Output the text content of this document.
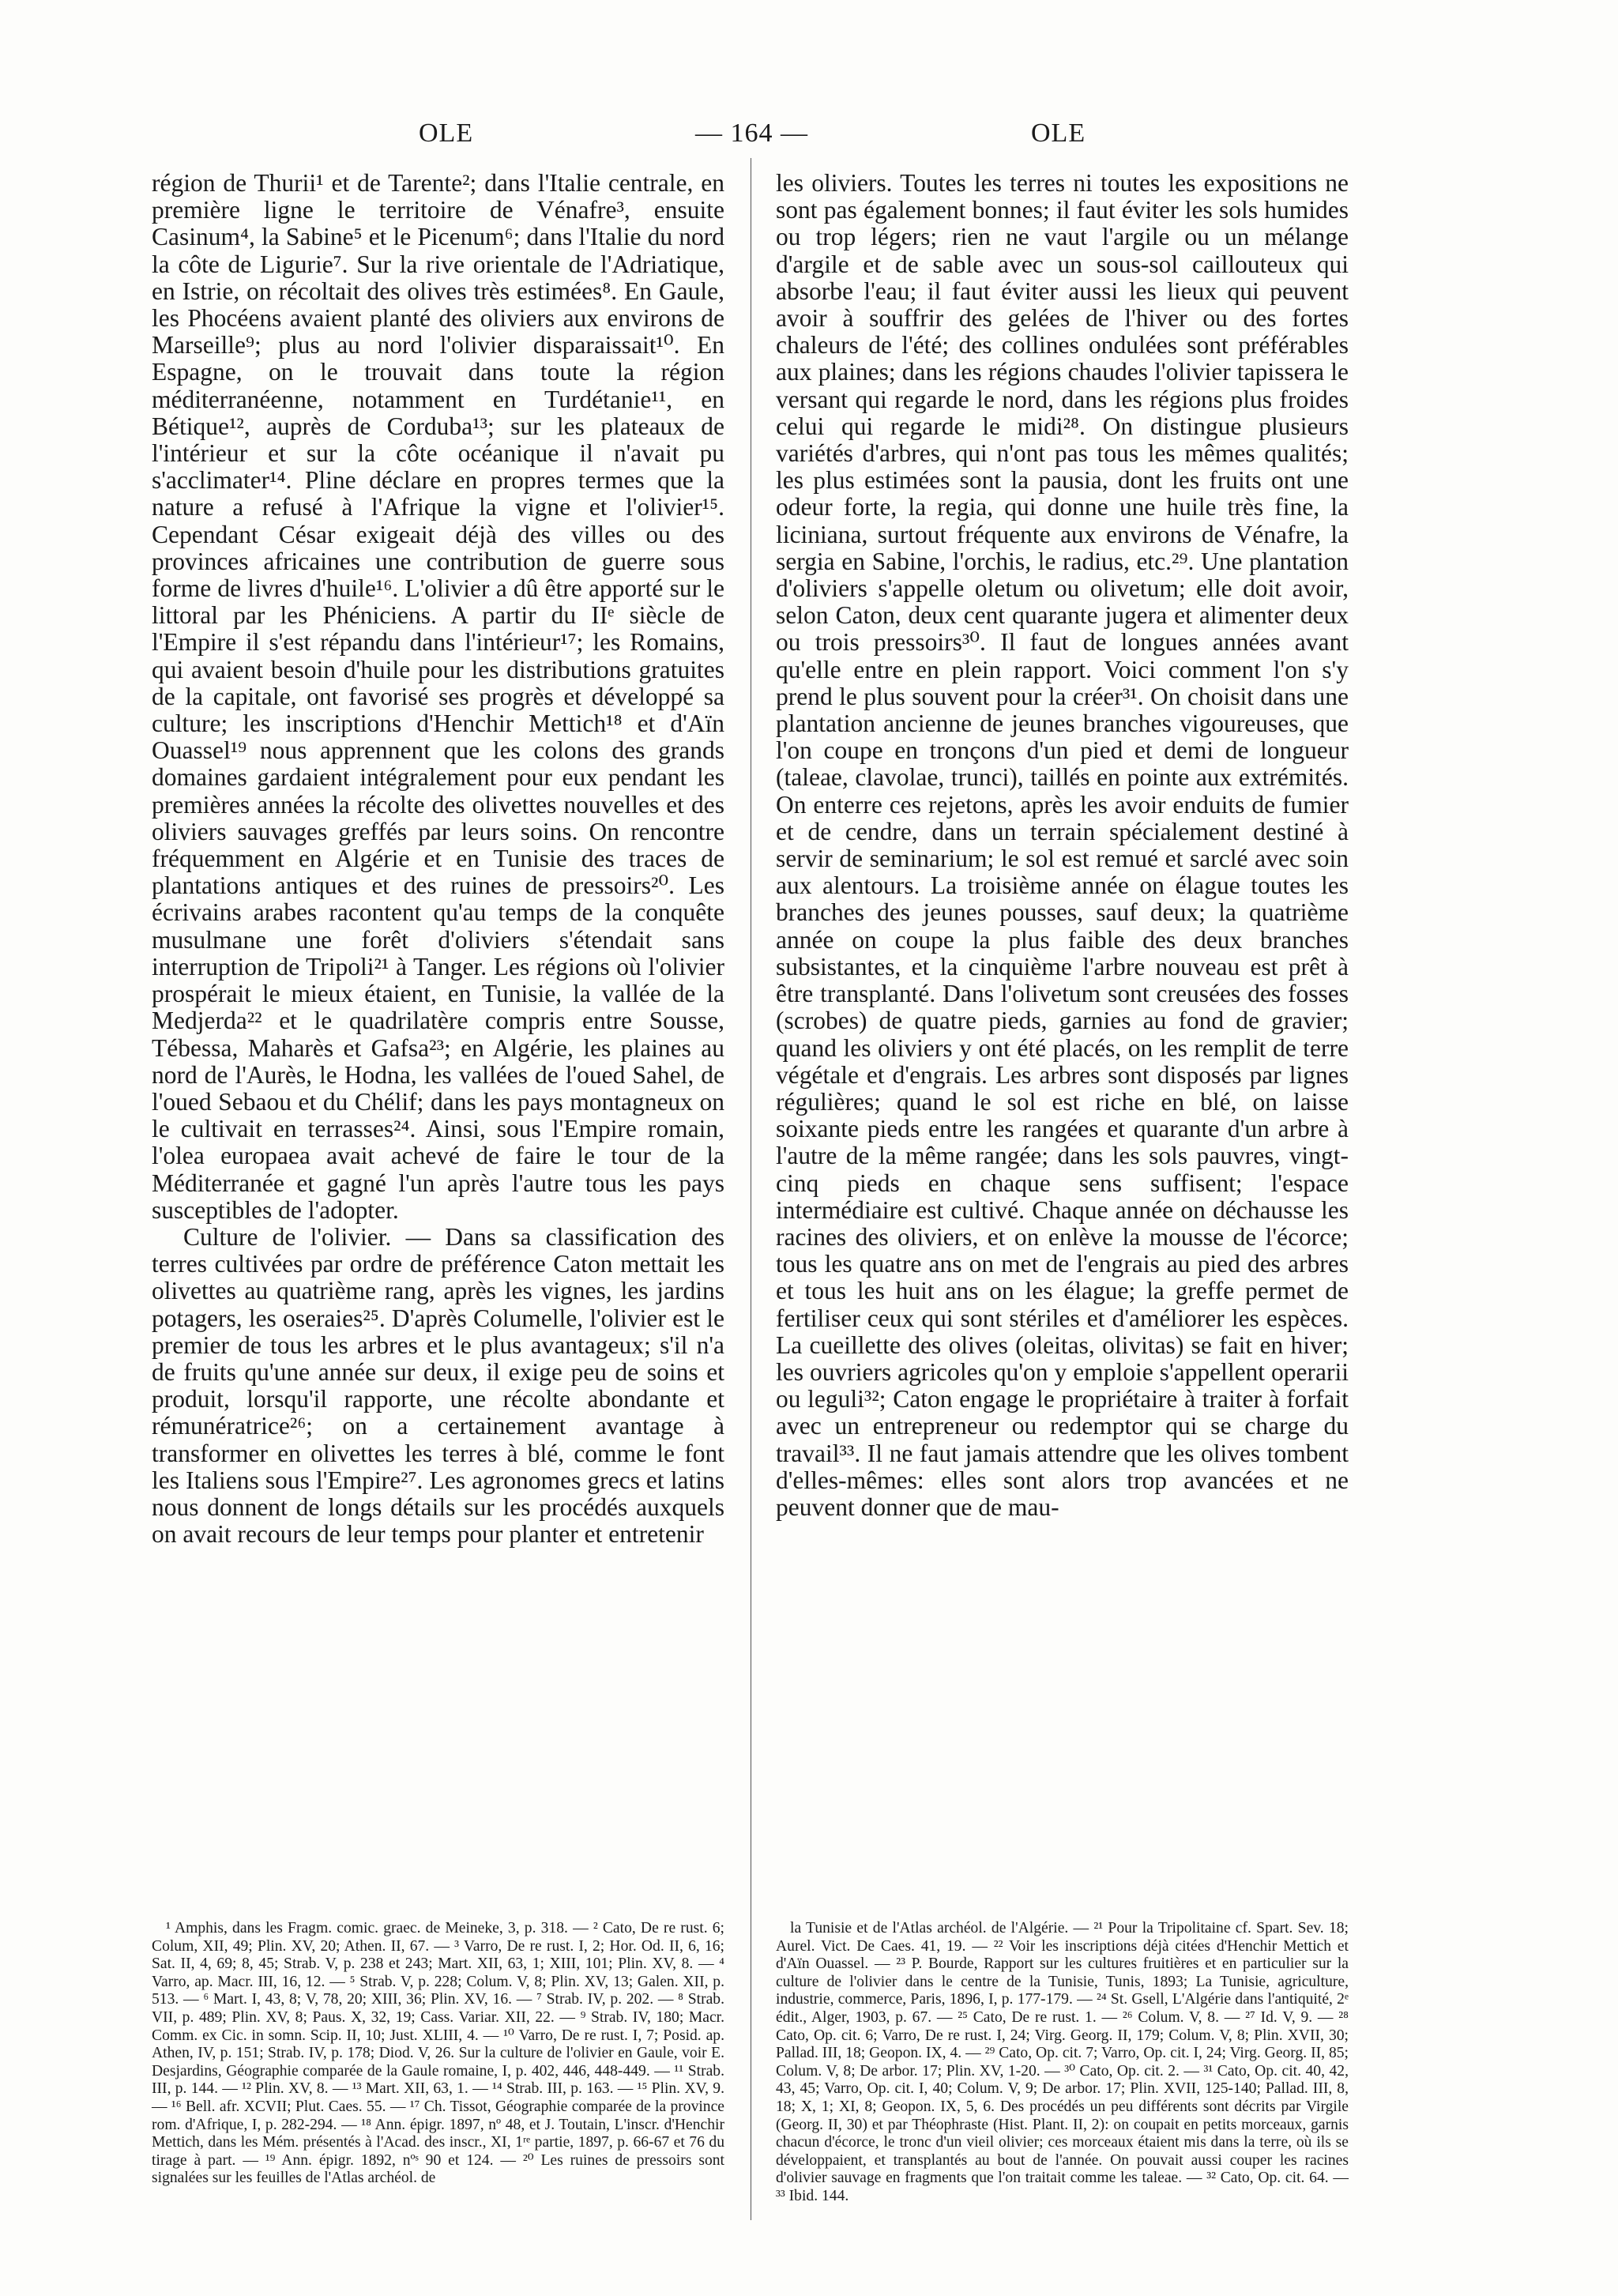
OLE	— 164 —	OLE

région de Thurii¹ et de Tarente²; dans l'Italie centrale, en première ligne le territoire de Vénafre³, ensuite Casinum⁴, la Sabine⁵ et le Picenum⁶; dans l'Italie du nord la côte de Ligurie⁷. Sur la rive orientale de l'Adriatique, en Istrie, on récoltait des olives très estimées⁸. En Gaule, les Phocéens avaient planté des oliviers aux environs de Marseille⁹; plus au nord l'olivier disparaissait¹⁰. En Espagne, on le trouvait dans toute la région méditerranéenne, notamment en Turdétanie¹¹, en Bétique¹², auprès de Corduba¹³; sur les plateaux de l'intérieur et sur la côte océanique il n'avait pu s'acclimater¹⁴. Pline déclare en propres termes que la nature a refusé à l'Afrique la vigne et l'olivier¹⁵. Cependant César exigeait déjà des villes ou des provinces africaines une contribution de guerre sous forme de livres d'huile¹⁶. L'olivier a dû être apporté sur le littoral par les Phéniciens. A partir du IIᵉ siècle de l'Empire il s'est répandu dans l'intérieur¹⁷; les Romains, qui avaient besoin d'huile pour les distributions gratuites de la capitale, ont favorisé ses progrès et développé sa culture; les inscriptions d'Henchir Mettich¹⁸ et d'Aïn Ouassel¹⁹ nous apprennent que les colons des grands domaines gardaient intégralement pour eux pendant les premières années la récolte des olivettes nouvelles et des oliviers sauvages greffés par leurs soins. On rencontre fréquemment en Algérie et en Tunisie des traces de plantations antiques et des ruines de pressoirs²⁰. Les écrivains arabes racontent qu'au temps de la conquête musulmane une forêt d'oliviers s'étendait sans interruption de Tripoli²¹ à Tanger. Les régions où l'olivier prospérait le mieux étaient, en Tunisie, la vallée de la Medjerda²² et le quadrilatère compris entre Sousse, Tébessa, Maharès et Gafsa²³; en Algérie, les plaines au nord de l'Aurès, le Hodna, les vallées de l'oued Sahel, de l'oued Sebaou et du Chélif; dans les pays montagneux on le cultivait en terrasses²⁴. Ainsi, sous l'Empire romain, l'olea europaea avait achevé de faire le tour de la Méditerranée et gagné l'un après l'autre tous les pays susceptibles de l'adopter.

Culture de l'olivier. — Dans sa classification des terres cultivées par ordre de préférence Caton mettait les olivettes au quatrième rang, après les vignes, les jardins potagers, les oseraies²⁵. D'après Columelle, l'olivier est le premier de tous les arbres et le plus avantageux; s'il n'a de fruits qu'une année sur deux, il exige peu de soins et produit, lorsqu'il rapporte, une récolte abondante et rémunératrice²⁶; on a certainement avantage à transformer en olivettes les terres à blé, comme le font les Italiens sous l'Empire²⁷. Les agronomes grecs et latins nous donnent de longs détails sur les procédés auxquels on avait recours de leur temps pour planter et entretenir

les oliviers. Toutes les terres ni toutes les expositions ne sont pas également bonnes; il faut éviter les sols humides ou trop légers; rien ne vaut l'argile ou un mélange d'argile et de sable avec un sous-sol caillouteux qui absorbe l'eau; il faut éviter aussi les lieux qui peuvent avoir à souffrir des gelées de l'hiver ou des fortes chaleurs de l'été; des collines ondulées sont préférables aux plaines; dans les régions chaudes l'olivier tapissera le versant qui regarde le nord, dans les régions plus froides celui qui regarde le midi²⁸. On distingue plusieurs variétés d'arbres, qui n'ont pas tous les mêmes qualités; les plus estimées sont la pausia, dont les fruits ont une odeur forte, la regia, qui donne une huile très fine, la liciniana, surtout fréquente aux environs de Vénafre, la sergia en Sabine, l'orchis, le radius, etc.²⁹. Une plantation d'oliviers s'appelle oletum ou olivetum; elle doit avoir, selon Caton, deux cent quarante jugera et alimenter deux ou trois pressoirs³⁰. Il faut de longues années avant qu'elle entre en plein rapport. Voici comment l'on s'y prend le plus souvent pour la créer³¹. On choisit dans une plantation ancienne de jeunes branches vigoureuses, que l'on coupe en tronçons d'un pied et demi de longueur (taleae, clavolae, trunci), taillés en pointe aux extrémités. On enterre ces rejetons, après les avoir enduits de fumier et de cendre, dans un terrain spécialement destiné à servir de seminarium; le sol est remué et sarclé avec soin aux alentours. La troisième année on élague toutes les branches des jeunes pousses, sauf deux; la quatrième année on coupe la plus faible des deux branches subsistantes, et la cinquième l'arbre nouveau est prêt à être transplanté. Dans l'olivetum sont creusées des fosses (scrobes) de quatre pieds, garnies au fond de gravier; quand les oliviers y ont été placés, on les remplit de terre végétale et d'engrais. Les arbres sont disposés par lignes régulières; quand le sol est riche en blé, on laisse soixante pieds entre les rangées et quarante d'un arbre à l'autre de la même rangée; dans les sols pauvres, vingt-cinq pieds en chaque sens suffisent; l'espace intermédiaire est cultivé. Chaque année on déchausse les racines des oliviers, et on enlève la mousse de l'écorce; tous les quatre ans on met de l'engrais au pied des arbres et tous les huit ans on les élague; la greffe permet de fertiliser ceux qui sont stériles et d'améliorer les espèces. La cueillette des olives (oleitas, olivitas) se fait en hiver; les ouvriers agricoles qu'on y emploie s'appellent operarii ou leguli³²; Caton engage le propriétaire à traiter à forfait avec un entrepreneur ou redemptor qui se charge du travail³³. Il ne faut jamais attendre que les olives tombent d'elles-mêmes: elles sont alors trop avancées et ne peuvent donner que de mau-

¹ Amphis, dans les Fragm. comic. graec. de Meineke, 3, p. 318. — ² Cato, De re rust. 6; Colum, XII, 49; Plin. XV, 20; Athen. II, 67. — ³ Varro, De re rust. I, 2; Hor. Od. II, 6, 16; Sat. II, 4, 69; 8, 45; Strab. V, p. 238 et 243; Mart. XII, 63, 1; XIII, 101; Plin. XV, 8. — ⁴ Varro, ap. Macr. III, 16, 12. — ⁵ Strab. V, p. 228; Colum. V, 8; Plin. XV, 13; Galen. XII, p. 513. — ⁶ Mart. I, 43, 8; V, 78, 20; XIII, 36; Plin. XV, 16. — ⁷ Strab. IV, p. 202. — ⁸ Strab. VII, p. 489; Plin. XV, 8; Paus. X, 32, 19; Cass. Variar. XII, 22. — ⁹ Strab. IV, 180; Macr. Comm. ex Cic. in somn. Scip. II, 10; Just. XLIII, 4. — ¹⁰ Varro, De re rust. I, 7; Posid. ap. Athen, IV, p. 151; Strab. IV, p. 178; Diod. V, 26. Sur la culture de l'olivier en Gaule, voir E. Desjardins, Géographie comparée de la Gaule romaine, I, p. 402, 446, 448-449. — ¹¹ Strab. III, p. 144. — ¹² Plin. XV, 8. — ¹³ Mart. XII, 63, 1. — ¹⁴ Strab. III, p. 163. — ¹⁵ Plin. XV, 9. — ¹⁶ Bell. afr. XCVII; Plut. Caes. 55. — ¹⁷ Ch. Tissot, Géographie comparée de la province rom. d'Afrique, I, p. 282-294. — ¹⁸ Ann. épigr. 1897, nº 48, et J. Toutain, L'inscr. d'Henchir Mettich, dans les Mém. présentés à l'Acad. des inscr., XI, 1ʳᵉ partie, 1897, p. 66-67 et 76 du tirage à part. — ¹⁹ Ann. épigr. 1892, nºˢ 90 et 124. — ²⁰ Les ruines de pressoirs sont signalées sur les feuilles de l'Atlas archéol. de

la Tunisie et de l'Atlas archéol. de l'Algérie. — ²¹ Pour la Tripolitaine cf. Spart. Sev. 18; Aurel. Vict. De Caes. 41, 19. — ²² Voir les inscriptions déjà citées d'Henchir Mettich et d'Aïn Ouassel. — ²³ P. Bourde, Rapport sur les cultures fruitières et en particulier sur la culture de l'olivier dans le centre de la Tunisie, Tunis, 1893; La Tunisie, agriculture, industrie, commerce, Paris, 1896, I, p. 177-179. — ²⁴ St. Gsell, L'Algérie dans l'antiquité, 2ᵉ édit., Alger, 1903, p. 67. — ²⁵ Cato, De re rust. 1. — ²⁶ Colum. V, 8. — ²⁷ Id. V, 9. — ²⁸ Cato, Op. cit. 6; Varro, De re rust. I, 24; Virg. Georg. II, 179; Colum. V, 8; Plin. XVII, 30; Pallad. III, 18; Geopon. IX, 4. — ²⁹ Cato, Op. cit. 7; Varro, Op. cit. I, 24; Virg. Georg. II, 85; Colum. V, 8; De arbor. 17; Plin. XV, 1-20. — ³⁰ Cato, Op. cit. 2. — ³¹ Cato, Op. cit. 40, 42, 43, 45; Varro, Op. cit. I, 40; Colum. V, 9; De arbor. 17; Plin. XVII, 125-140; Pallad. III, 8, 18; X, 1; XI, 8; Geopon. IX, 5, 6. Des procédés un peu différents sont décrits par Virgile (Georg. II, 30) et par Théophraste (Hist. Plant. II, 2): on coupait en petits morceaux, garnis chacun d'écorce, le tronc d'un vieil olivier; ces morceaux étaient mis dans la terre, où ils se développaient, et transplantés au bout de l'année. On pouvait aussi couper les racines d'olivier sauvage en fragments que l'on traitait comme les taleae. — ³² Cato, Op. cit. 64. — ³³ Ibid. 144.
